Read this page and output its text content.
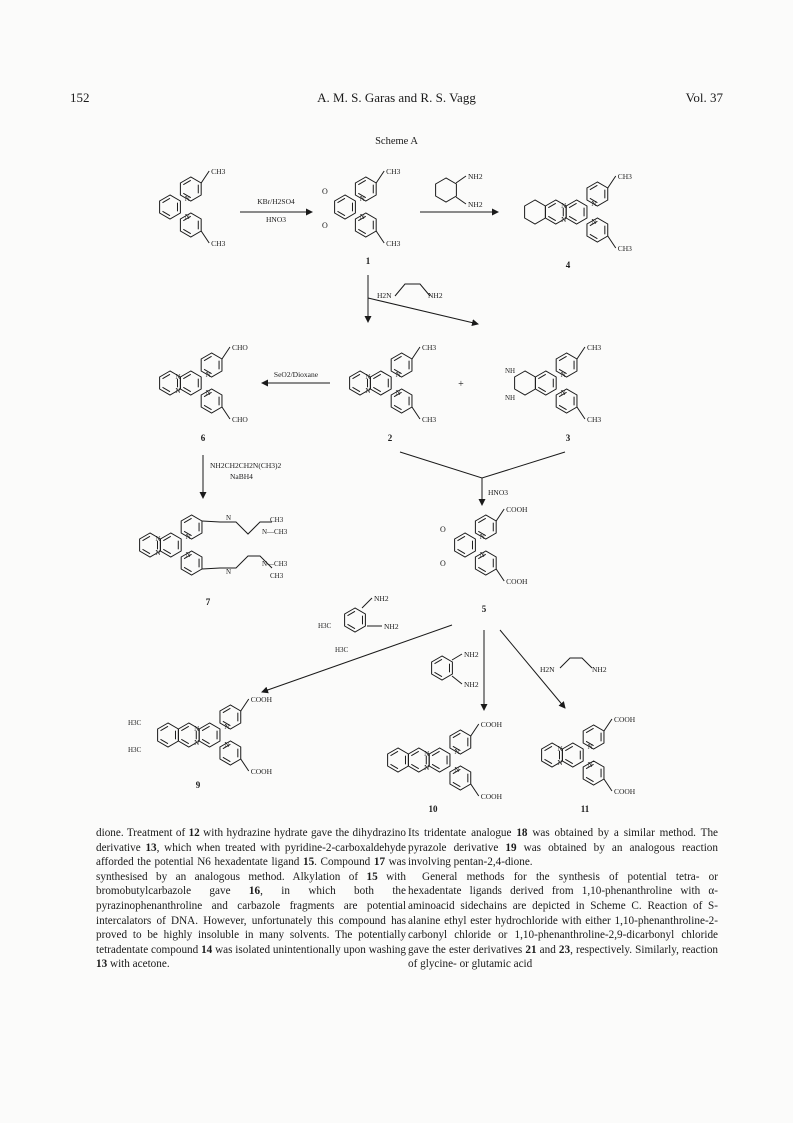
152	A. M. S. Garas and R. S. Vagg	Vol. 37
Scheme A
N
N
CH3
CH3
KBr/H2SO4
HNO3
N
N
CH3
CH3
O
O
1
NH2
NH2	N
N
N
N
CH3
CH3
4
H2N	NH2
N
N
N
N
CHO
CHO
6
SeO2/Dioxane	N
N
N
N
CH3
CH3
2
+
NH
NH
N
N
CH3
CH3
3
HNO3
NH2CH2CH2N(CH3)2
NaBH4
N
N
N
N
N
N
N—CH3
CH3
N—CH3
CH3
7
N
N
COOH
COOH
O
O
5
NH2
NH2
H3C
H3C	NH2
NH2
H2N	NH2
H3C
H3C
N
N
N
N
COOH
COOH
9
N
N
N
N
COOH
COOH
10
N
N
N
N
COOH
COOH
11

dione. Treatment of 12 with hydrazine hydrate gave the dihydrazino derivative 13, which when treated with pyridine-2-carboxaldehyde afforded the potential N6 hexadentate ligand 15. Compound 17 was synthesised by an analogous method. Alkylation of 15 with bromobutylcarbazole gave 16, in which both the pyrazinophenanthroline and carbazole fragments are potential intercalators of DNA. However, unfortunately this compound has proved to be highly insoluble in many solvents. The potentially tetradentate compound 14 was isolated unintentionally upon washing 13 with acetone.

Its tridentate analogue 18 was obtained by a similar method. The pyrazole derivative 19 was obtained by an analogous reaction involving pentan-2,4-dione.

General methods for the synthesis of potential tetra- or hexadentate ligands derived from 1,10-phenanthroline with α-aminoacid sidechains are depicted in Scheme C. Reaction of S-alanine ethyl ester hydrochloride with either 1,10-phenanthroline-2-carbonyl chloride or 1,10-phenanthroline-2,9-dicarbonyl chloride gave the ester derivatives 21 and 23, respectively. Similarly, reaction of glycine- or glutamic acid
